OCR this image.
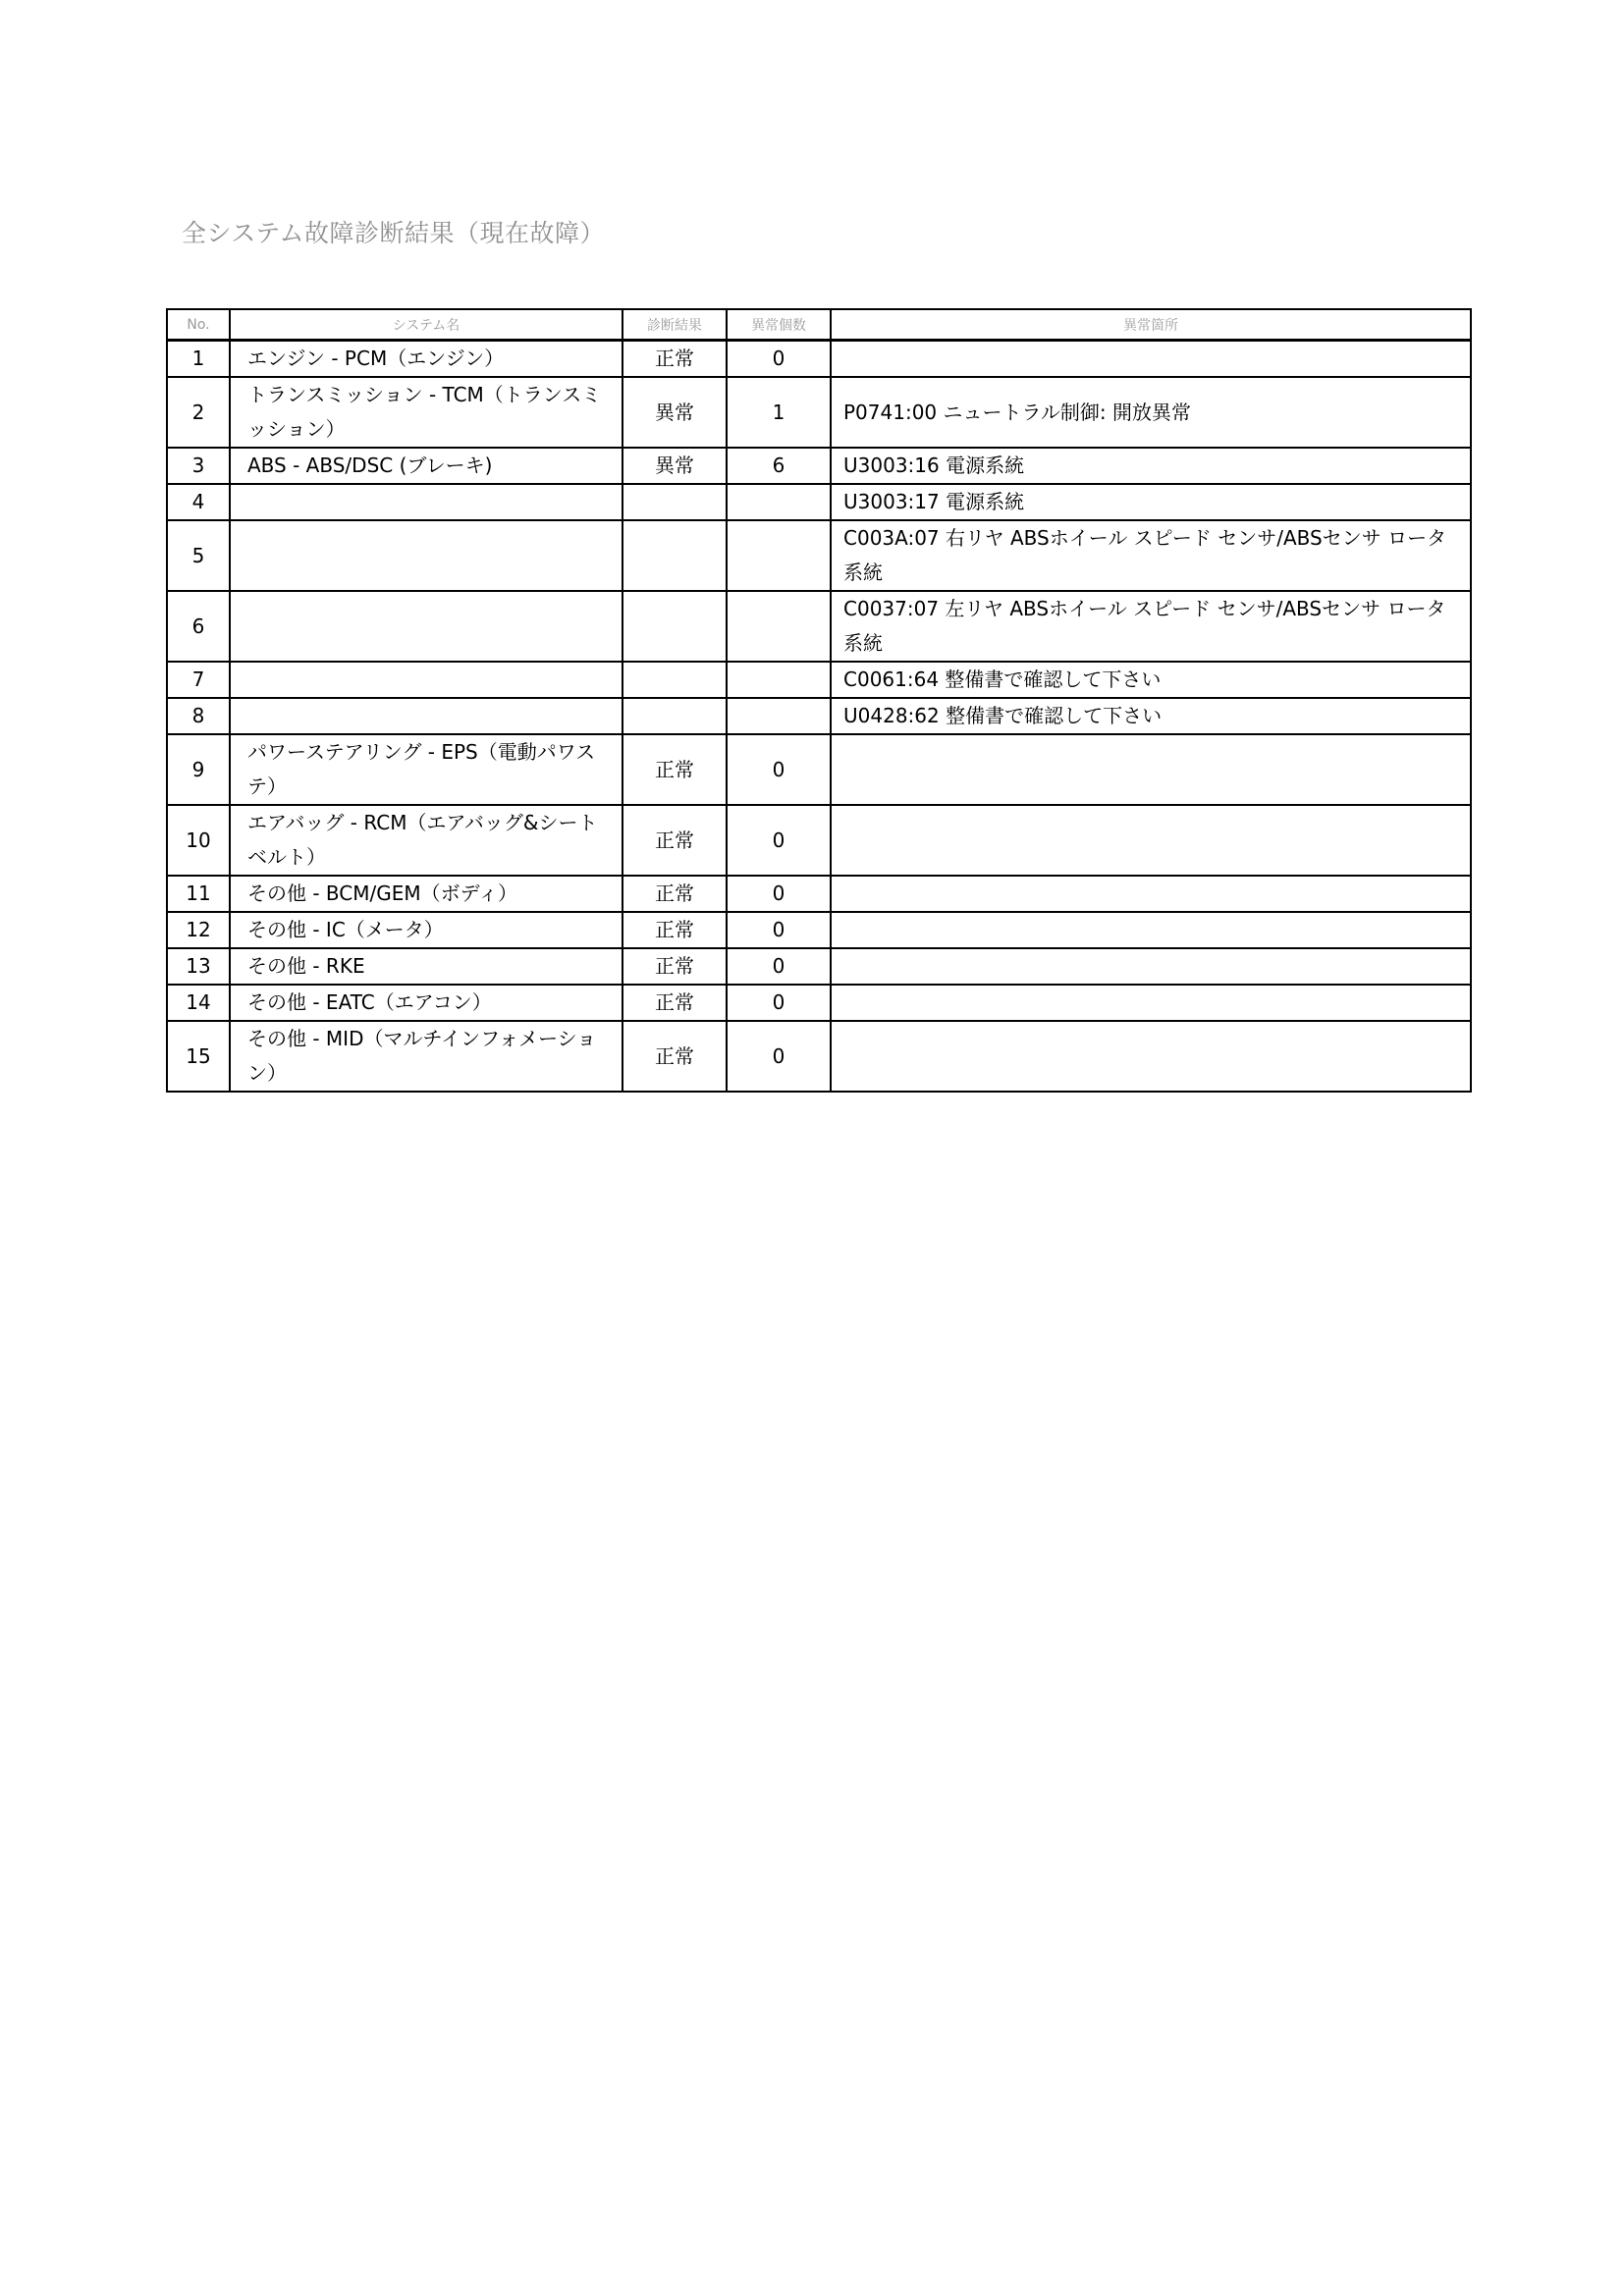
全システム故障診断結果（現在故障）
No.	システム名	診断結果	異常個数	異常箇所
1	エンジン - PCM（エンジン）	正常	0	
2	トランスミッション - TCM（トランスミッション）	異常	1	P0741:00 ニュートラル制御: 開放異常
3	ABS - ABS/DSC (ブレーキ)	異常	6	U3003:16 電源系統
4				U3003:17 電源系統
5				C003A:07 右リヤ ABSホイール スピード センサ/ABSセンサ ロータ系統
6				C0037:07 左リヤ ABSホイール スピード センサ/ABSセンサ ロータ系統
7				C0061:64 整備書で確認して下さい
8				U0428:62 整備書で確認して下さい
9	パワーステアリング - EPS（電動パワステ）	正常	0	
10	エアバッグ - RCM（エアバッグ&シートベルト）	正常	0	
11	その他 - BCM/GEM（ボディ）	正常	0	
12	その他 - IC（メータ）	正常	0	
13	その他 - RKE	正常	0	
14	その他 - EATC（エアコン）	正常	0	
15	その他 - MID（マルチインフォメーション）	正常	0	
